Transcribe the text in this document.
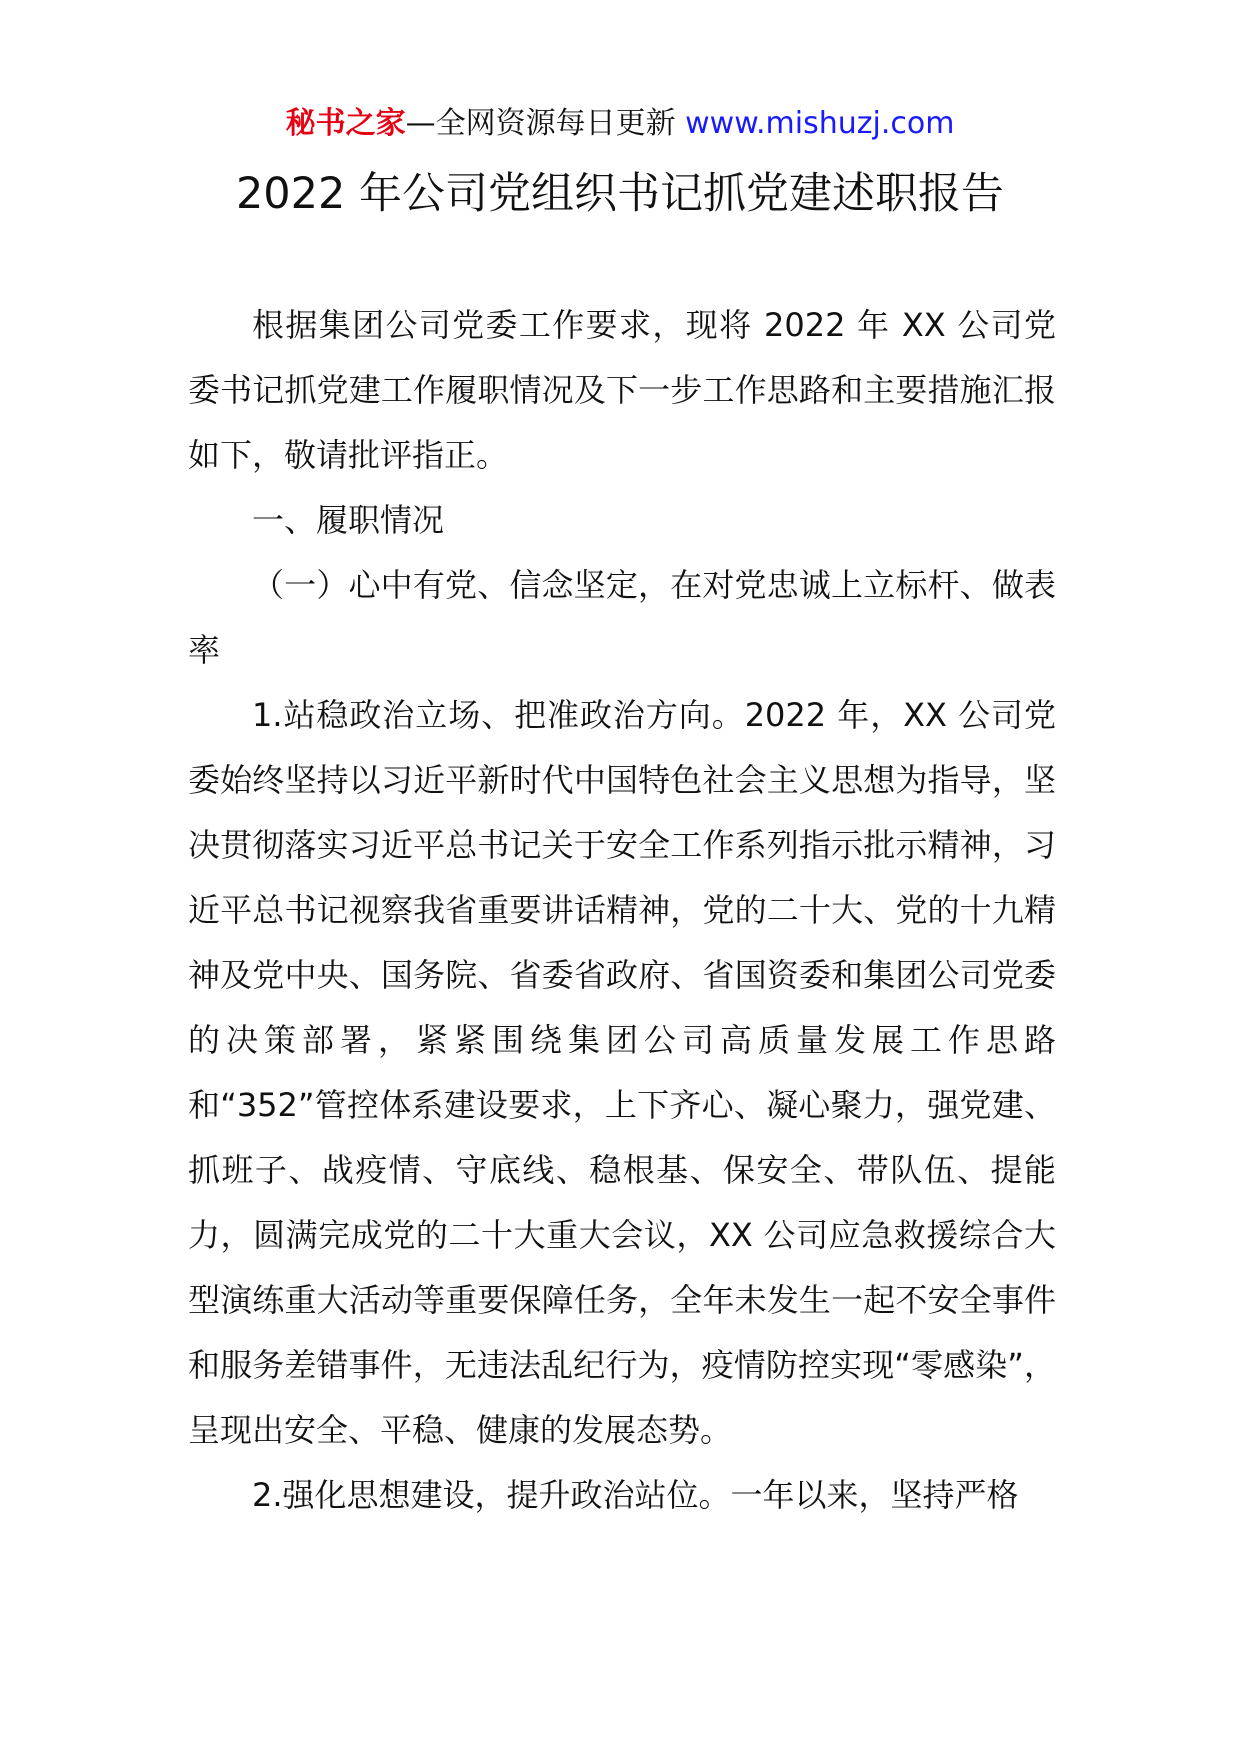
秘书之家—全网资源每日更新 www.mishuzj.com
2022 年公司党组织书记抓党建述职报告

根据集团公司党委工作要求，现将 2022 年 XX 公司党委书记抓党建工作履职情况及下一步工作思路和主要措施汇报如下，敬请批评指正。

一、履职情况

（一）心中有党、信念坚定，在对党忠诚上立标杆、做表率

1.站稳政治立场、把准政治方向。2022 年，XX 公司党委始终坚持以习近平新时代中国特色社会主义思想为指导，坚决贯彻落实习近平总书记关于安全工作系列指示批示精神，习近平总书记视察我省重要讲话精神，党的二十大、党的十九精神及党中央、国务院、省委省政府、省国资委和集团公司党委的决策部署，紧紧围绕集团公司高质量发展工作思路和“352”管控体系建设要求，上下齐心、凝心聚力，强党建、抓班子、战疫情、守底线、稳根基、保安全、带队伍、提能力，圆满完成党的二十大重大会议，XX 公司应急救援综合大型演练重大活动等重要保障任务，全年未发生一起不安全事件和服务差错事件，无违法乱纪行为，疫情防控实现“零感染”，呈现出安全、平稳、健康的发展态势。

2.强化思想建设，提升政治站位。一年以来，坚持严格
